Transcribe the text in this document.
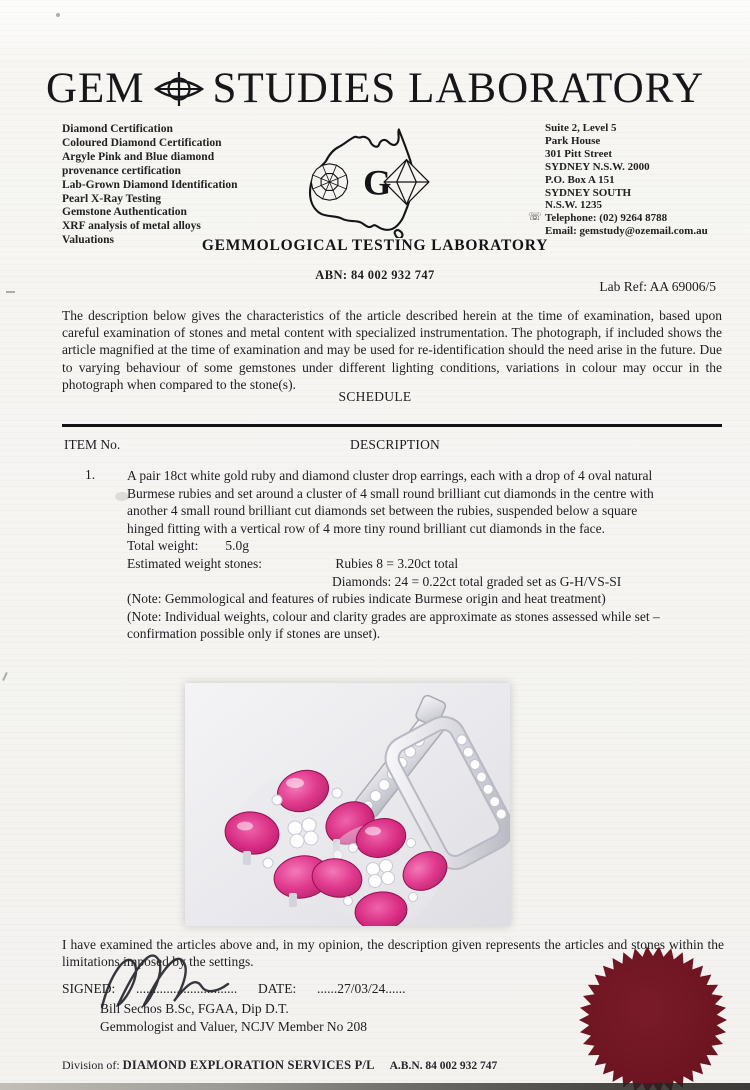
GEM STUDIES LABORATORY
Diamond Certification
Coloured Diamond Certification
Argyle Pink and Blue diamond
provenance certification
Lab-Grown Diamond Identification
Pearl X-Ray Testing
Gemstone Authentication
XRF analysis of metal alloys
Valuations
G
Suite 2, Level 5
Park House
301 Pitt Street
SYDNEY N.S.W. 2000
P.O. Box A 151
SYDNEY SOUTH
N.S.W. 1235
☏ Telephone: (02) 9264 8788
Email: gemstudy@ozemail.com.au
GEMMOLOGICAL TESTING LABORATORY
ABN: 84 002 932 747
Lab Ref: AA 69006/5
The description below gives the characteristics of the article described herein at the time of examination, based upon careful examination of stones and metal content with specialized instrumentation. The photograph, if included shows the article magnified at the time of examination and may be used for re-identification should the need arise in the future. Due to varying behaviour of some gemstones under different lighting conditions, variations in colour may occur in the photograph when compared to the stone(s).
SCHEDULE
ITEM No.	DESCRIPTION
1. A pair 18ct white gold ruby and diamond cluster drop earrings, each with a drop of 4 oval natural Burmese rubies and set around a cluster of 4 small round brilliant cut diamonds in the centre with another 4 small round brilliant cut diamonds set between the rubies, suspended below a square hinged fitting with a vertical row of 4 more tiny round brilliant cut diamonds in the face.
Total weight: 5.0g
Estimated weight stones:	Rubies 8 = 3.20ct total
Diamonds: 24 = 0.22ct total graded set as G-H/VS-SI
(Note: Gemmological and features of rubies indicate Burmese origin and heat treatment)
(Note: Individual weights, colour and clarity grades are approximate as stones assessed while set – confirmation possible only if stones are unset).
I have examined the articles above and, in my opinion, the description given represents the articles and stones within the limitations imposed by the settings.
SIGNED: .............................. DATE: ......27/03/24......
Bill Sechos B.Sc, FGAA, Dip D.T.
Gemmologist and Valuer, NCJV Member No 208
Division of: DIAMOND EXPLORATION SERVICES P/L A.B.N. 84 002 932 747
